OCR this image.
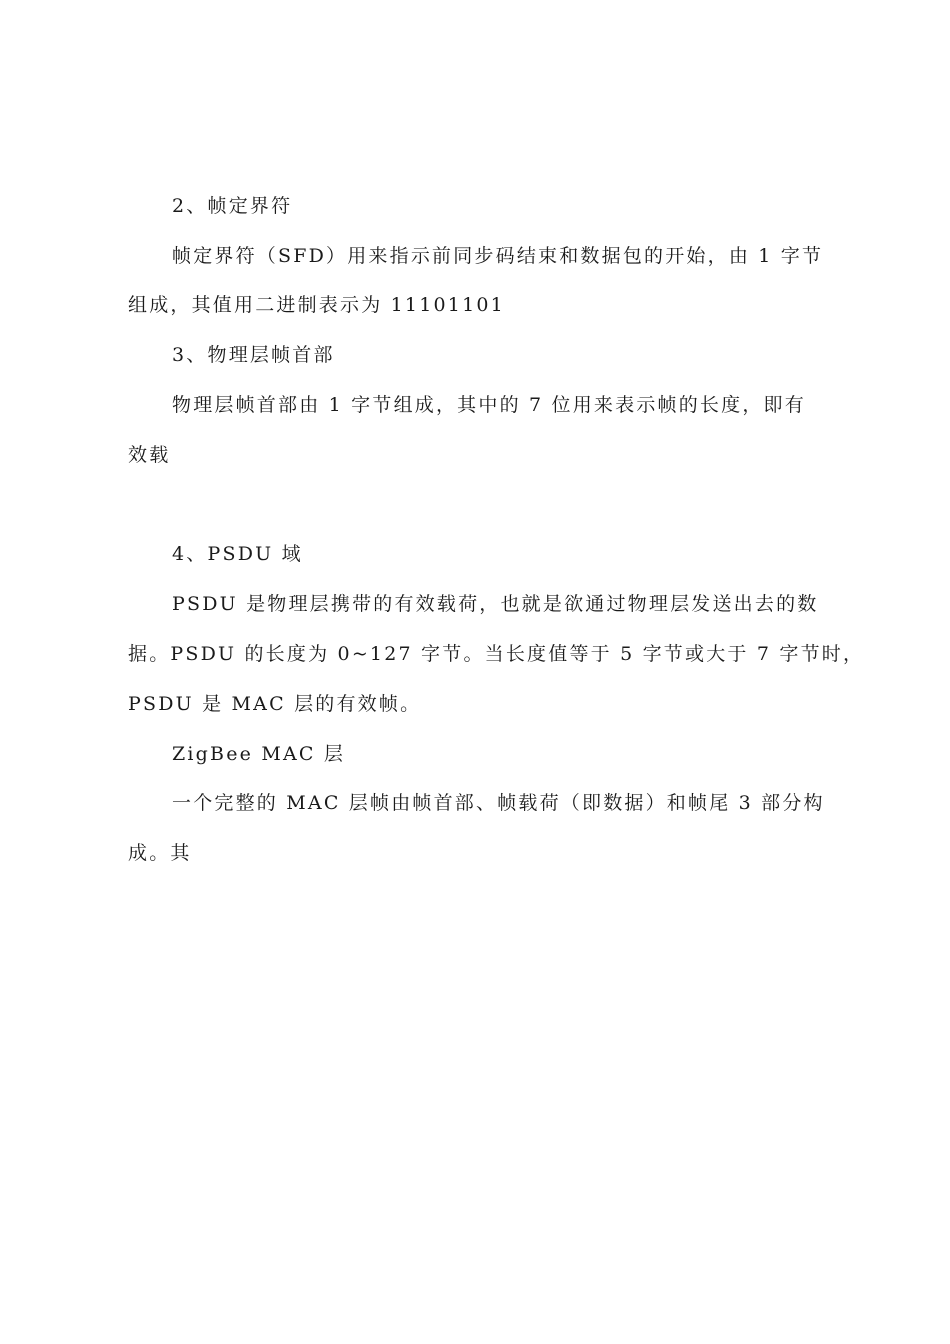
2、帧定界符
帧定界符（SFD）用来指示前同步码结束和数据包的开始，由 1 字节
组成，其值用二进制表示为 11101101
3、物理层帧首部
物理层帧首部由 1 字节组成，其中的 7 位用来表示帧的长度，即有
效载
4、PSDU 域
PSDU 是物理层携带的有效载荷，也就是欲通过物理层发送出去的数
据。PSDU 的长度为 0~127 字节。当长度值等于 5 字节或大于 7 字节时，
PSDU 是 MAC 层的有效帧。
ZigBee MAC 层
一个完整的 MAC 层帧由帧首部、帧载荷（即数据）和帧尾 3 部分构
成。其
